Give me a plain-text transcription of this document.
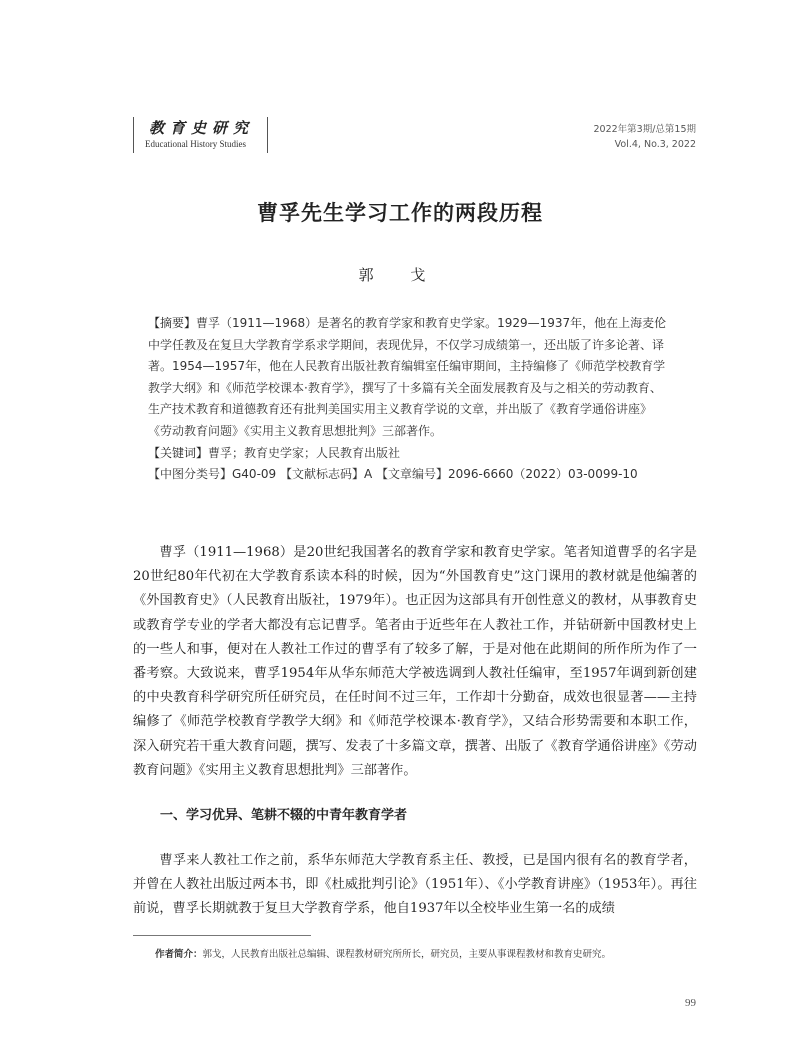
教育史研究
Educational History Studies
2022年第3期/总第15期
Vol.4, No.3, 2022
曹孚先生学习工作的两段历程
郭 戈

【摘要】曹孚（1911—1968）是著名的教育学家和教育史学家。1929—1937年，他在上海麦伦中学任教及在复旦大学教育学系求学期间，表现优异，不仅学习成绩第一，还出版了许多论著、译著。1954—1957年，他在人民教育出版社教育编辑室任编审期间，主持编修了《师范学校教育学教学大纲》和《师范学校课本·教育学》，撰写了十多篇有关全面发展教育及与之相关的劳动教育、生产技术教育和道德教育还有批判美国实用主义教育学说的文章，并出版了《教育学通俗讲座》《劳动教育问题》《实用主义教育思想批判》三部著作。

【关键词】曹孚；教育史学家；人民教育出版社

【中图分类号】G40-09 【文献标志码】A 【文章编号】2096-6660（2022）03-0099-10

曹孚（1911—1968）是20世纪我国著名的教育学家和教育史学家。笔者知道曹孚的名字是20世纪80年代初在大学教育系读本科的时候，因为“外国教育史”这门课用的教材就是他编著的《外国教育史》（人民教育出版社，1979年）。也正因为这部具有开创性意义的教材，从事教育史或教育学专业的学者大都没有忘记曹孚。笔者由于近些年在人教社工作，并钻研新中国教材史上的一些人和事，便对在人教社工作过的曹孚有了较多了解，于是对他在此期间的所作所为作了一番考察。大致说来，曹孚1954年从华东师范大学被选调到人教社任编审，至1957年调到新创建的中央教育科学研究所任研究员，在任时间不过三年，工作却十分勤奋，成效也很显著——主持编修了《师范学校教育学教学大纲》和《师范学校课本·教育学》，又结合形势需要和本职工作，深入研究若干重大教育问题，撰写、发表了十多篇文章，撰著、出版了《教育学通俗讲座》《劳动教育问题》《实用主义教育思想批判》三部著作。

一、学习优异、笔耕不辍的中青年教育学者

曹孚来人教社工作之前，系华东师范大学教育系主任、教授，已是国内很有名的教育学者，并曾在人教社出版过两本书，即《杜威批判引论》（1951年）、《小学教育讲座》（1953年）。再往前说，曹孚长期就教于复旦大学教育学系，他自1937年以全校毕业生第一名的成绩

作者简介：郭戈，人民教育出版社总编辑、课程教材研究所所长，研究员，主要从事课程教材和教育史研究。
99
